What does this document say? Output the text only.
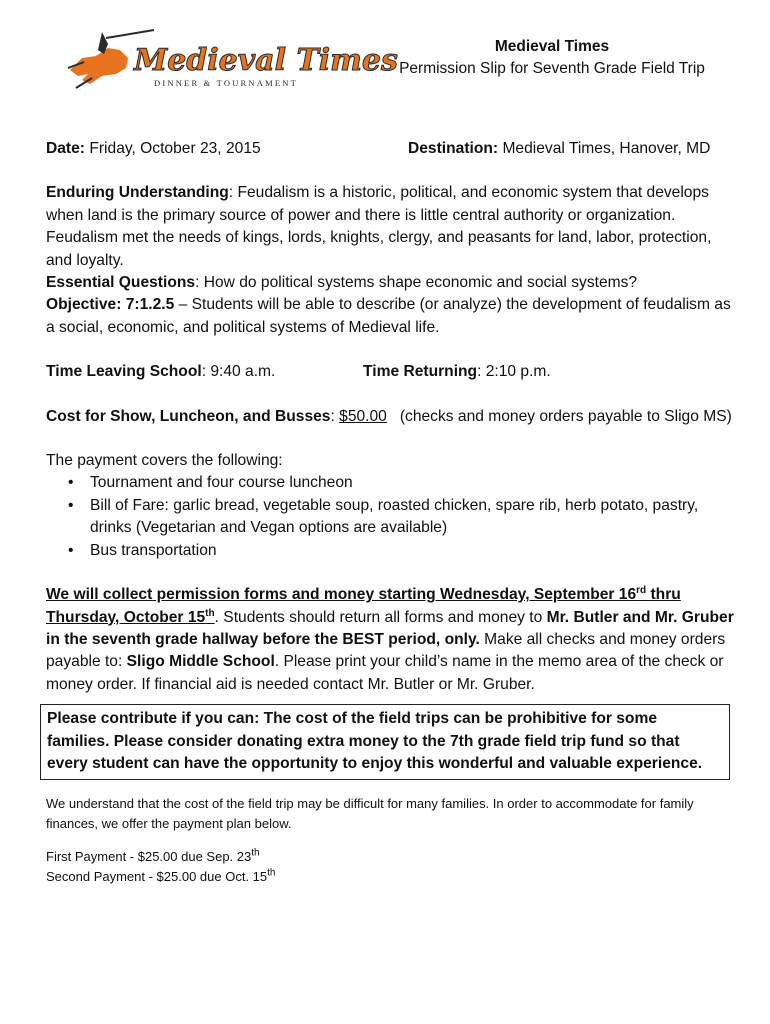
Medieval Times
DINNER & TOURNAMENT
Medieval Times
Permission Slip for Seventh Grade Field Trip
Date: Friday, October 23, 2015	Destination: Medieval Times, Hanover, MD

Enduring Understanding: Feudalism is a historic, political, and economic system that develops when land is the primary source of power and there is little central authority or organization. Feudalism met the needs of kings, lords, knights, clergy, and peasants for land, labor, protection, and loyalty.

Essential Questions: How do political systems shape economic and social systems?

Objective: 7:1.2.5 – Students will be able to describe (or analyze) the development of feudalism as a social, economic, and political systems of Medieval life.

Time Leaving School: 9:40 a.m.	Time Returning: 2:10 p.m.

Cost for Show, Luncheon, and Busses: $50.00   (checks and money orders payable to Sligo MS)

The payment covers the following:

• Tournament and four course luncheon
• Bill of Fare: garlic bread, vegetable soup, roasted chicken, spare rib, herb potato, pastry, drinks (Vegetarian and Vegan options are available)
• Bus transportation

We will collect permission forms and money starting Wednesday, September 16rd thru Thursday, October 15th. Students should return all forms and money to Mr. Butler and Mr. Gruber in the seventh grade hallway before the BEST period, only. Make all checks and money orders payable to: Sligo Middle School. Please print your child’s name in the memo area of the check or money order. If financial aid is needed contact Mr. Butler or Mr. Gruber.

Please contribute if you can: The cost of the field trips can be prohibitive for some families. Please consider donating extra money to the 7th grade field trip fund so that every student can have the opportunity to enjoy this wonderful and valuable experience.

We understand that the cost of the field trip may be difficult for many families. In order to accommodate for family finances, we offer the payment plan below.

First Payment - $25.00 due Sep. 23th

Second Payment - $25.00 due Oct. 15th
